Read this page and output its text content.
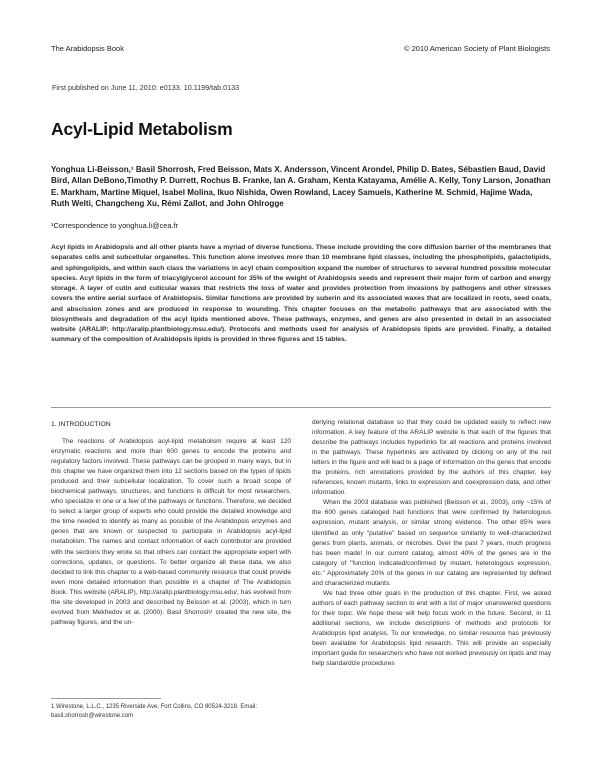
The Arabidopsis Book	© 2010 American Society of Plant Biologists
First published on June 11, 2010: e0133. 10.1199/tab.0133
Acyl-Lipid Metabolism
Yonghua Li-Beisson,¹ Basil Shorrosh, Fred Beisson, Mats X. Andersson, Vincent Arondel, Philip D. Bates, Sébastien Baud, David Bird, Allan DeBono,Timothy P. Durrett, Rochus B. Franke, Ian A. Graham, Kenta Katayama, Amélie A. Kelly, Tony Larson, Jonathan E. Markham, Martine Miquel, Isabel Molina, Ikuo Nishida, Owen Rowland, Lacey Samuels, Katherine M. Schmid, Hajime Wada, Ruth Welti, Changcheng Xu, Rémi Zallot, and John Ohlrogge
¹Correspondence to yonghua.li@cea.fr
Acyl lipids in Arabidopsis and all other plants have a myriad of diverse functions. These include providing the core diffusion barrier of the membranes that separates cells and subcellular organelles. This function alone involves more than 10 membrane lipid classes, including the phospholipids, galactolipids, and sphingolipids, and within each class the variations in acyl chain composition expand the number of structures to several hundred possible molecular species. Acyl lipids in the form of triacylglycerol account for 35% of the weight of Arabidopsis seeds and represent their major form of carbon and energy storage. A layer of cutin and cuticular waxes that restricts the loss of water and provides protection from invasions by pathogens and other stresses covers the entire aerial surface of Arabidopsis. Similar functions are provided by suberin and its associated waxes that are localized in roots, seed coats, and abscission zones and are produced in response to wounding. This chapter focuses on the metabolic pathways that are associated with the biosynthesis and degradation of the acyl lipids mentioned above. These pathways, enzymes, and genes are also presented in detail in an associated website (ARALIP: http://aralip.plantbiology.msu.edu/). Protocols and methods used for analysis of Arabidopsis lipids are provided. Finally, a detailed summary of the composition of Arabidopsis lipids is provided in three figures and 15 tables.
1. INTRODUCTION

The reactions of Arabidopsis acyl-lipid metabolism require at least 120 enzymatic reactions and more than 600 genes to encode the proteins and regulatory factors involved. These pathways can be grouped in many ways, but in this chapter we have organized them into 12 sections based on the types of lipids produced and their subcellular localization. To cover such a broad scope of biochemical pathways, structures, and functions is difficult for most researchers, who specialize in one or a few of the pathways or functions. Therefore, we decided to select a larger group of experts who could provide the detailed knowledge and the time needed to identify as many as possible of the Arabidopsis enzymes and genes that are known or suspected to participate in Arabidopsis acyl-lipid metabolism. The names and contact information of each contributor are provided with the sections they wrote so that others can contact the appropriate expert with corrections, updates, or questions. To better organize all these data, we also decided to link this chapter to a web-based community resource that could provide even more detailed information than possible in a chapter of The Arabidopsis Book. This website (ARALIP), http://aralip.plantbiology.msu.edu/, has evolved from the site developed in 2003 and described by Beisson et al. (2003), which in turn evolved from Mekhedov et al. (2000). Basil Shorrosh¹ created the new site, the pathway figures, and the un-

derlying relational database so that they could be updated easily to reflect new information. A key feature of the ARALIP website is that each of the figures that describe the pathways includes hyperlinks for all reactions and proteins involved in the pathways. These hyperlinks are activated by clicking on any of the red letters in the figure and will lead to a page of information on the genes that encode the proteins, rich annotations provided by the authors of this chapter, key references, known mutants, links to expression and coexpression data, and other information.

When the 2003 database was published (Beisson et al., 2003), only ~15% of the 600 genes cataloged had functions that were confirmed by heterologous expression, mutant analysis, or similar strong evidence. The other 85% were identified as only "putative" based on sequence similarity to well-characterized genes from plants, animals, or microbes. Over the past 7 years, much progress has been made! In our current catalog, almost 40% of the genes are in the category of "function indicated/confirmed by mutant, heterologous expression, etc." Approximately 20% of the genes in our catalog are represented by defined and characterized mutants.

We had three other goals in the production of this chapter. First, we asked authors of each pathway section to end with a list of major unanswered questions for their topic. We hope these will help focus work in the future. Second, in 11 additional sections, we include descriptions of methods and protocols for Arabidopsis lipid analysis. To our knowledge, no similar resource has previously been available for Arabidopsis lipid research. This will provide an especially important guide for researchers who have not worked previously on lipids and may help standardize procedures

1 Wirestone, L.L.C., 1235 Riverside Ave, Fort Collins, CO 80524-3218. Email: basil.shorrosh@wirestone.com
